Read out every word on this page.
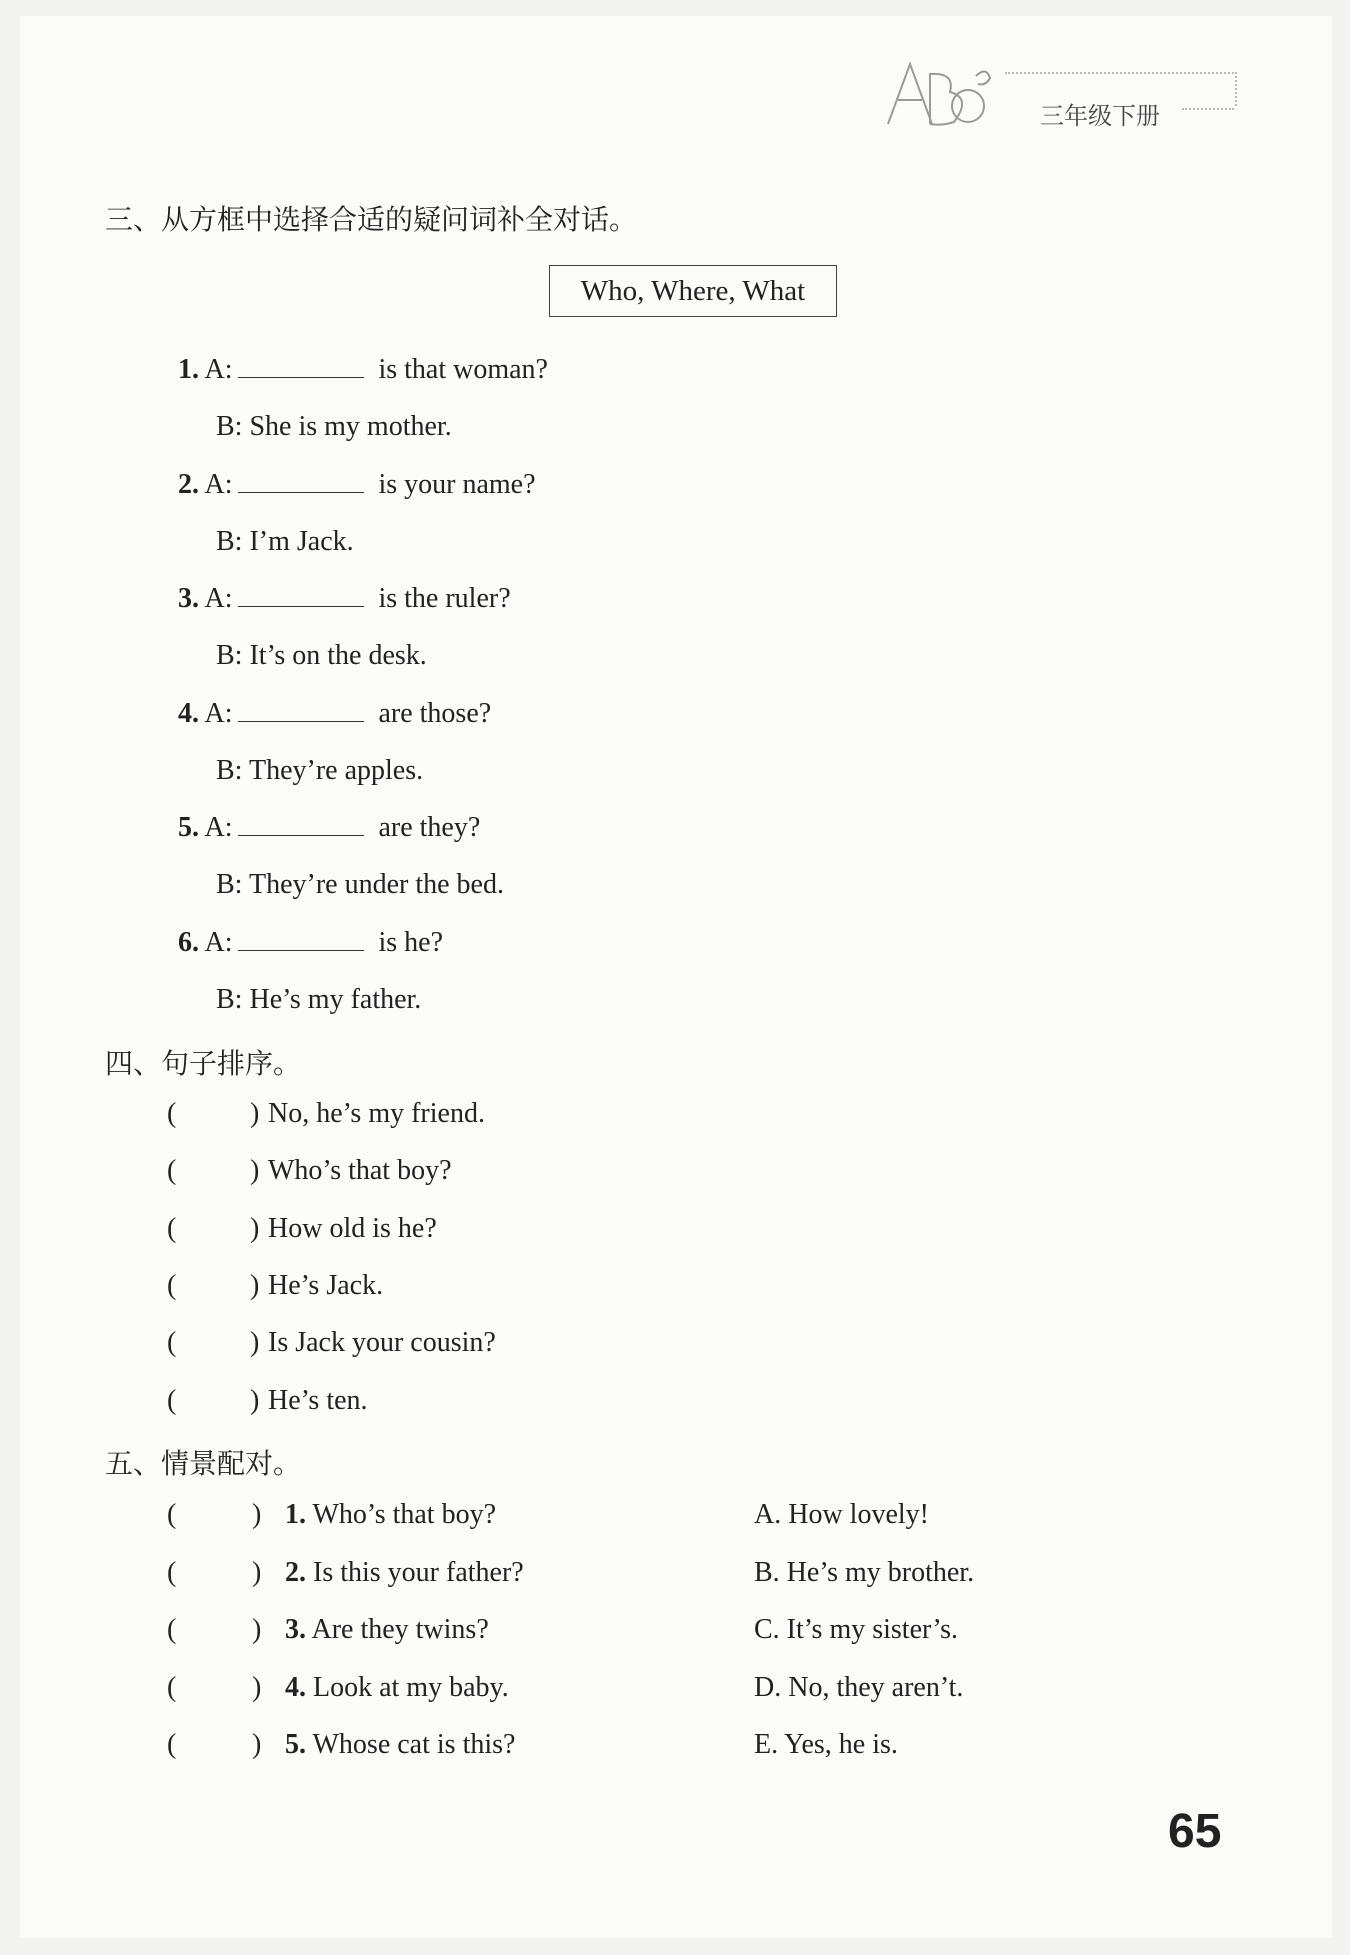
三年级下册
三、从方框中选择合适的疑问词补全对话。
Who, Where, What
1. A:	is that woman?
B: She is my mother.
2. A:	is your name?
B: I’m Jack.
3. A:	is the ruler?
B: It’s on the desk.
4. A:	are those?
B: They’re apples.
5. A:	are they?
B: They’re under the bed.
6. A:	is he?
B: He’s my father.
四、句子排序。
(	) No, he’s my friend.
(	) Who’s that boy?
(	) How old is he?
(	) He’s Jack.
(	) Is Jack your cousin?
(	) He’s ten.
五、情景配对。
(	) 1. Who’s that boy?	A. How lovely!
(	) 2. Is this your father?	B. He’s my brother.
(	) 3. Are they twins?	C. It’s my sister’s.
(	) 4. Look at my baby.	D. No, they aren’t.
(	) 5. Whose cat is this?	E. Yes, he is.
65
